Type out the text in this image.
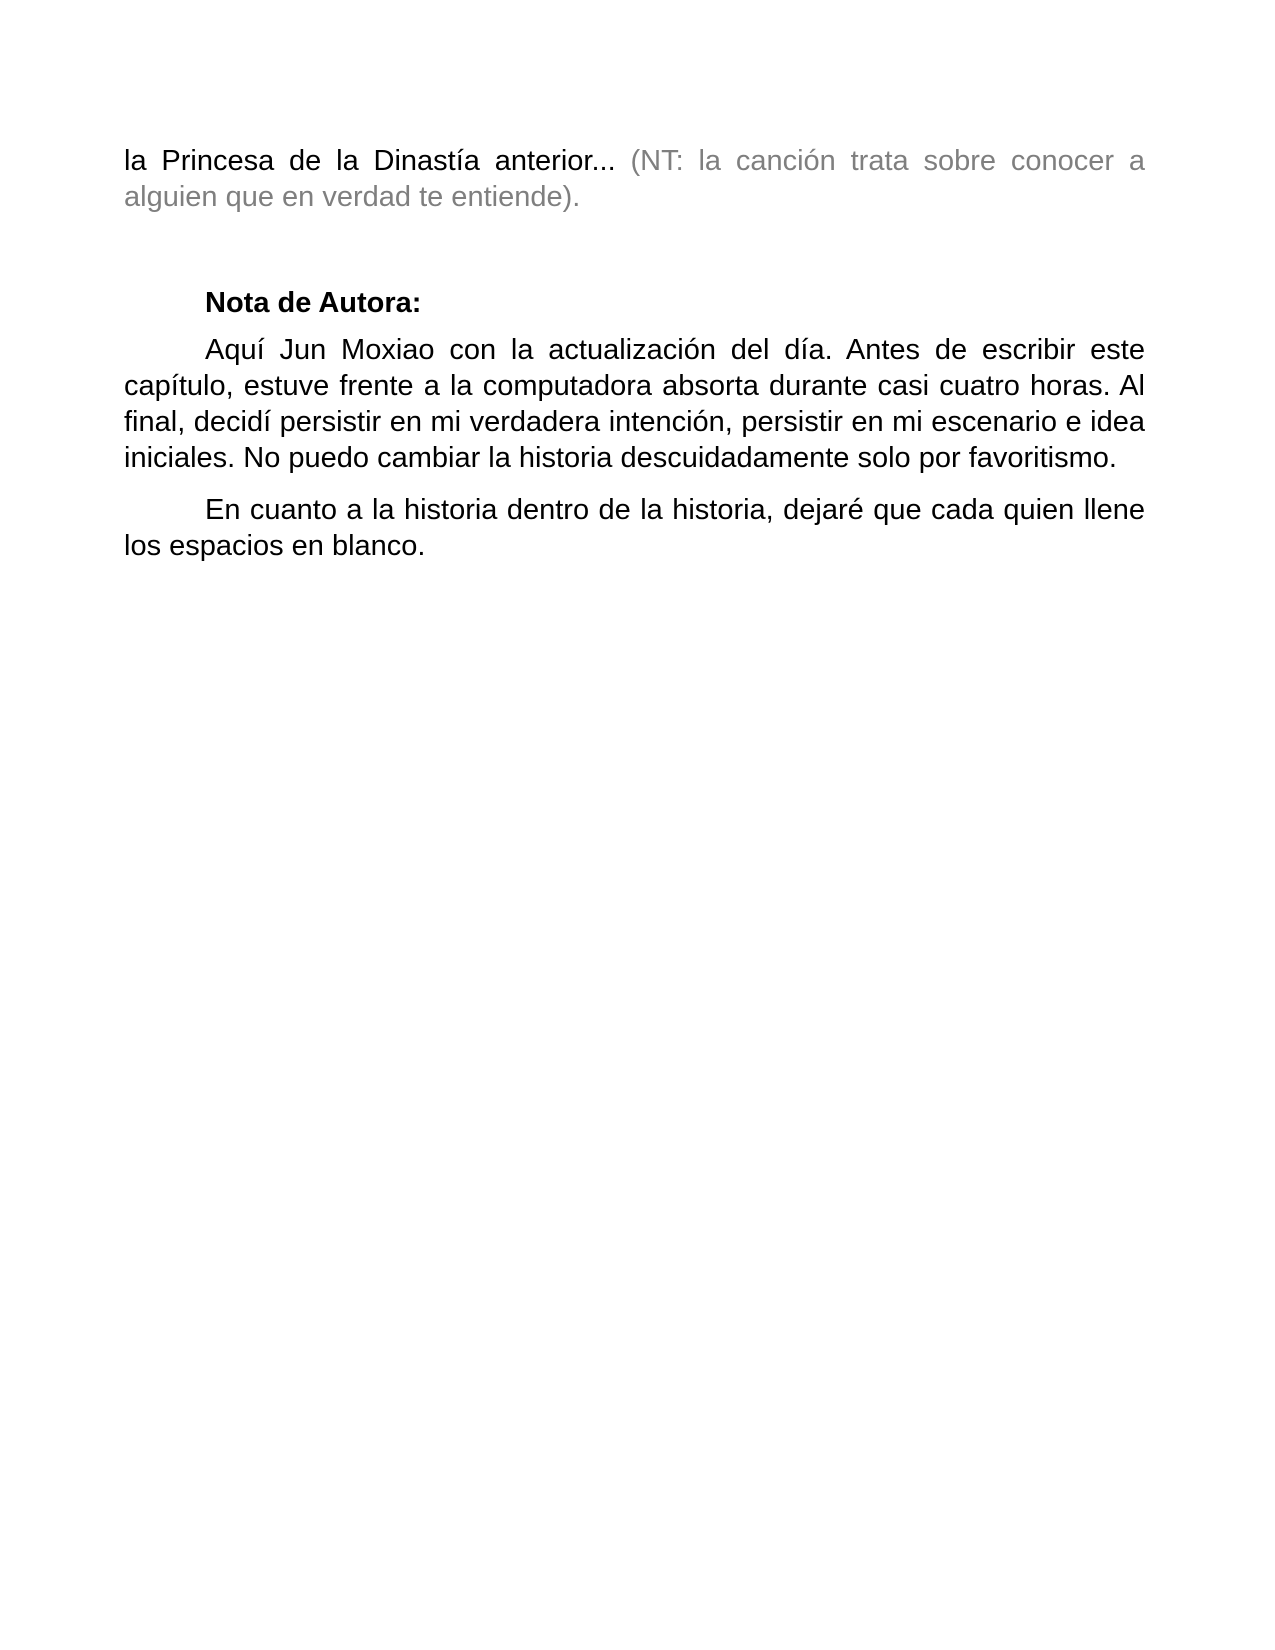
la Princesa de la Dinastía anterior... (NT: la canción trata sobre conocer a alguien que en verdad te entiende).

Nota de Autora:

Aquí Jun Moxiao con la actualización del día. Antes de escribir este capítulo, estuve frente a la computadora absorta durante casi cuatro horas. Al final, decidí persistir en mi verdadera intención, persistir en mi escenario e idea iniciales. No puedo cambiar la historia descuidadamente solo por favoritismo.

En cuanto a la historia dentro de la historia, dejaré que cada quien llene los espacios en blanco.
